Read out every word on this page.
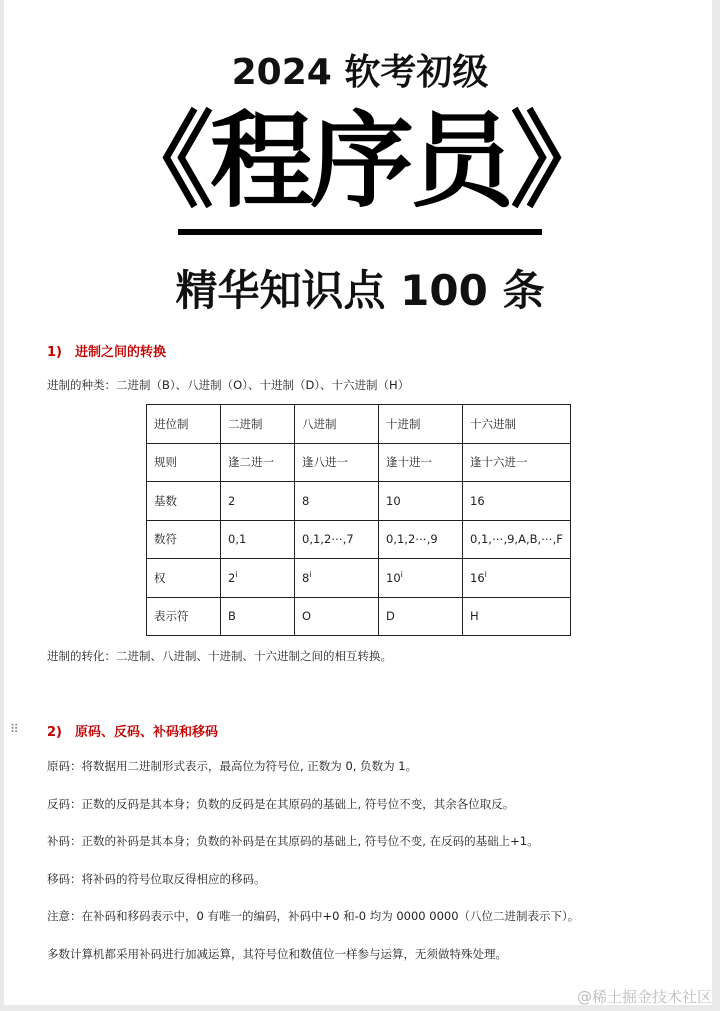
2024 软考初级
《程序员》
精华知识点 100 条
1)　进制之间的转换
进制的种类：二进制（B）、八进制（O）、十进制（D）、十六进制（H）
进位制	二进制	八进制	十进制	十六进制
规则	逢二进一	逢八进一	逢十进一	逢十六进一
基数	2	8	10	16
数符	0,1	0,1,2⋯,7	0,1,2⋯,9	0,1,⋯,9,A,B,⋯,F
权	2$^i$	8$^i$	10$^i$	16$^i$
表示符	B	O	D	H
进制的转化：二进制、八进制、十进制、十六进制之间的相互转换。
⠿ 2)　原码、反码、补码和移码
原码：将数据用二进制形式表示，最高位为符号位, 正数为 0, 负数为 1。
反码：正数的反码是其本身；负数的反码是在其原码的基础上, 符号位不变，其余各位取反。
补码：正数的补码是其本身；负数的补码是在其原码的基础上, 符号位不变, 在反码的基础上+1。
移码：将补码的符号位取反得相应的移码。
注意：在补码和移码表示中，0 有唯一的编码，补码中+0 和-0 均为 0000 0000（八位二进制表示下）。
多数计算机都采用补码进行加减运算，其符号位和数值位一样参与运算，无须做特殊处理。
@稀土掘金技术社区
